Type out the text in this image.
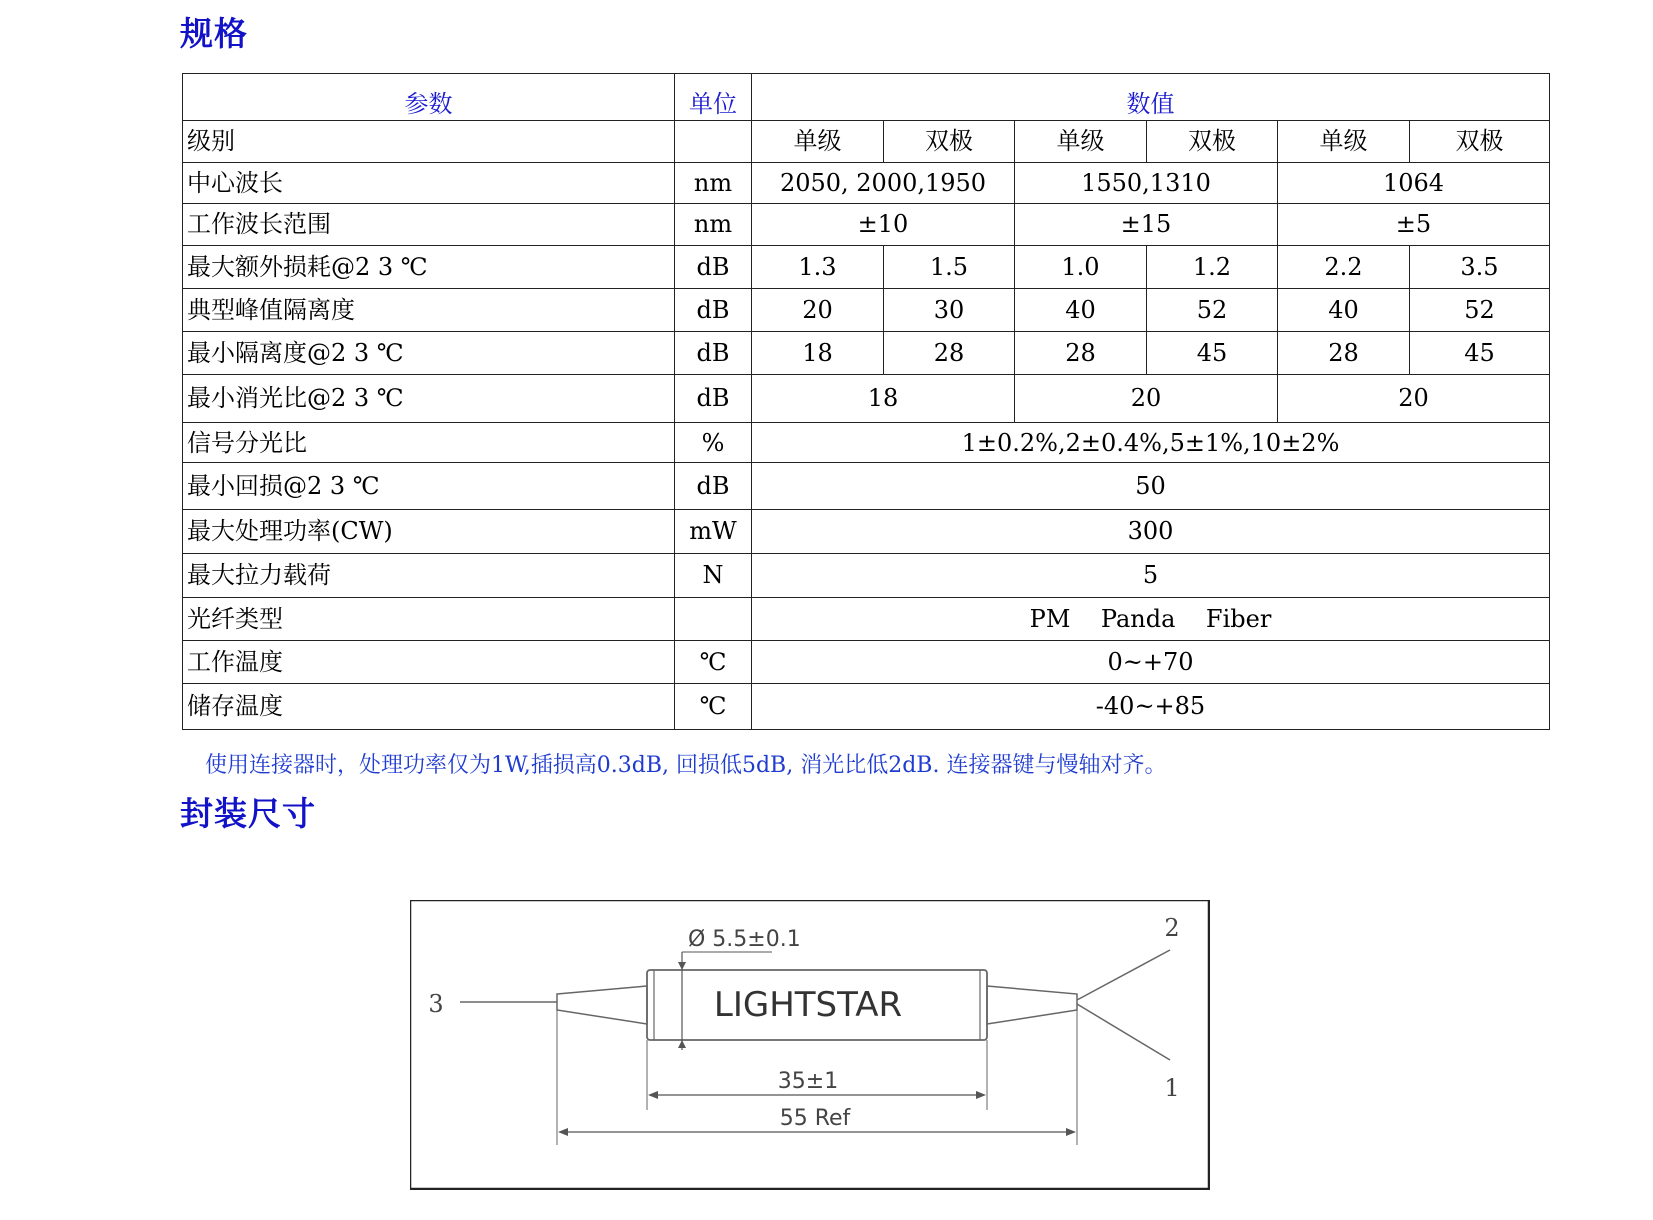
规格
参数	单位	数值					
级别		单级	双极	单级	双极	单级	双极
中心波长	nm	2050, 2000,1950		1550,1310		1064	
工作波长范围	nm	±10		±15		±5	
最大额外损耗@2 3 ℃	dB	1.3	1.5	1.0	1.2	2.2	3.5
典型峰值隔离度	dB	20	30	40	52	40	52
最小隔离度@2 3 ℃	dB	18	28	28	45	28	45
最小消光比@2 3 ℃	dB	18		20		20	
信号分光比	%	1±0.2%,2±0.4%,5±1%,10±2%					
最小回损@2 3 ℃	dB	50					
最大处理功率(CW)	mW	300					
最大拉力载荷	N	5					
光纤类型		PM    Panda    Fiber					
工作温度	℃	0~+70					
储存温度	℃	-40~+85					
使用连接器时，处理功率仅为1W,插损高0.3dB, 回损低5dB, 消光比低2dB. 连接器键与慢轴对齐。
封装尺寸
LIGHTSTAR
Ø 5.5±0.1
35±1
55 Ref
3
2
1
